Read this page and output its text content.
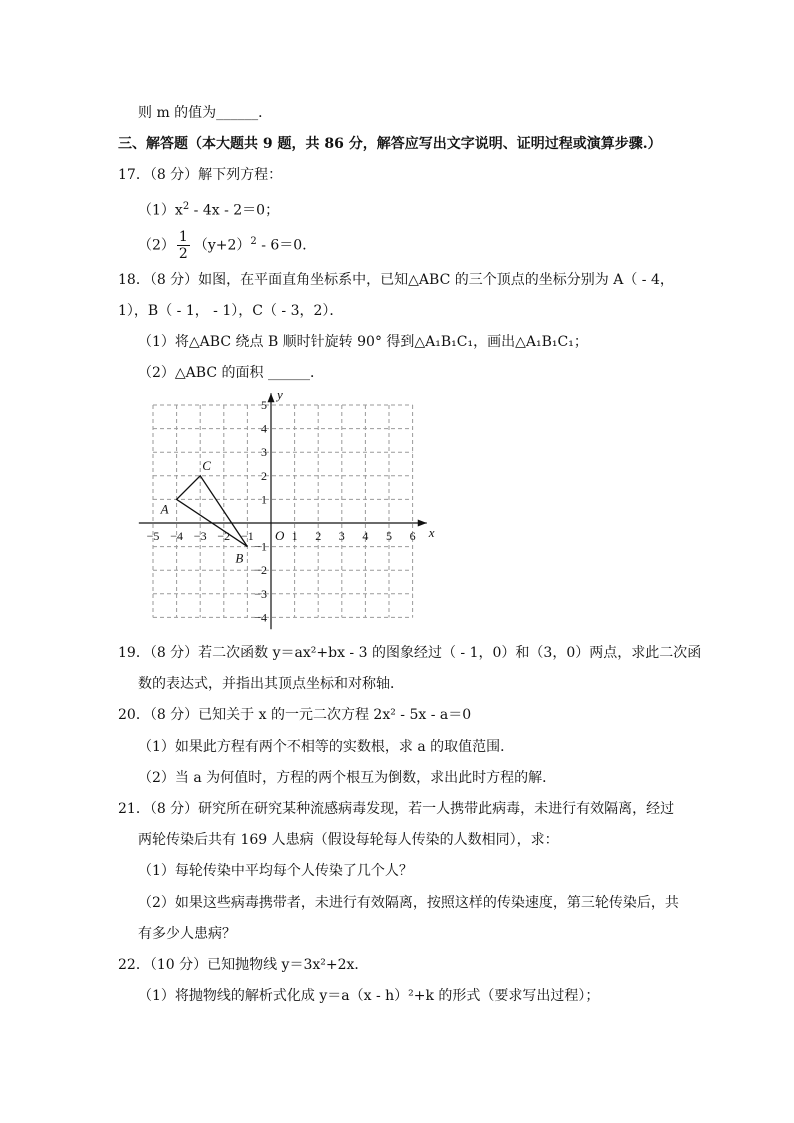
则 m 的值为______．
三、解答题（本大题共 9 题，共 86 分，解答应写出文字说明、证明过程或演算步骤.）
17．（8 分）解下列方程：
$(1)x^2 - 4x - 2=0$；
$(2) \frac{1}{2} (y+2)^2 - 6=0$．
18．（8 分）如图，在平面直角坐标系中，已知△ABC 的三个顶点的坐标分别为 A（ - 4，
1），B（ - 1， - 1），C（ - 3，2）．
（1）将△ABC 绕点 B 顺时针旋转 90° 得到△A₁B₁C₁，画出△A₁B₁C₁；
（2）△ABC 的面积 ______．
x
y
−5 −4 −3 −2 −1 O 1 2 3 4 5 6
5
4
3
2
1
−1
−2
−3
−4
A
B
C
19．（8 分）若二次函数 y＝ax²+bx - 3 的图象经过（ - 1，0）和（3，0）两点，求此二次函
数的表达式，并指出其顶点坐标和对称轴．
20．（8 分）已知关于 x 的一元二次方程 2x² - 5x - a＝0
（1）如果此方程有两个不相等的实数根，求 a 的取值范围．
（2）当 a 为何值时，方程的两个根互为倒数，求出此时方程的解．
21．（8 分）研究所在研究某种流感病毒发现，若一人携带此病毒，未进行有效隔离，经过
两轮传染后共有 169 人患病（假设每轮每人传染的人数相同），求：
（1）每轮传染中平均每个人传染了几个人？
（2）如果这些病毒携带者，未进行有效隔离，按照这样的传染速度，第三轮传染后，共
有多少人患病？
22．（10 分）已知抛物线 y＝3x²+2x．
（1）将抛物线的解析式化成 y＝a（x - h）²+k 的形式（要求写出过程）；
